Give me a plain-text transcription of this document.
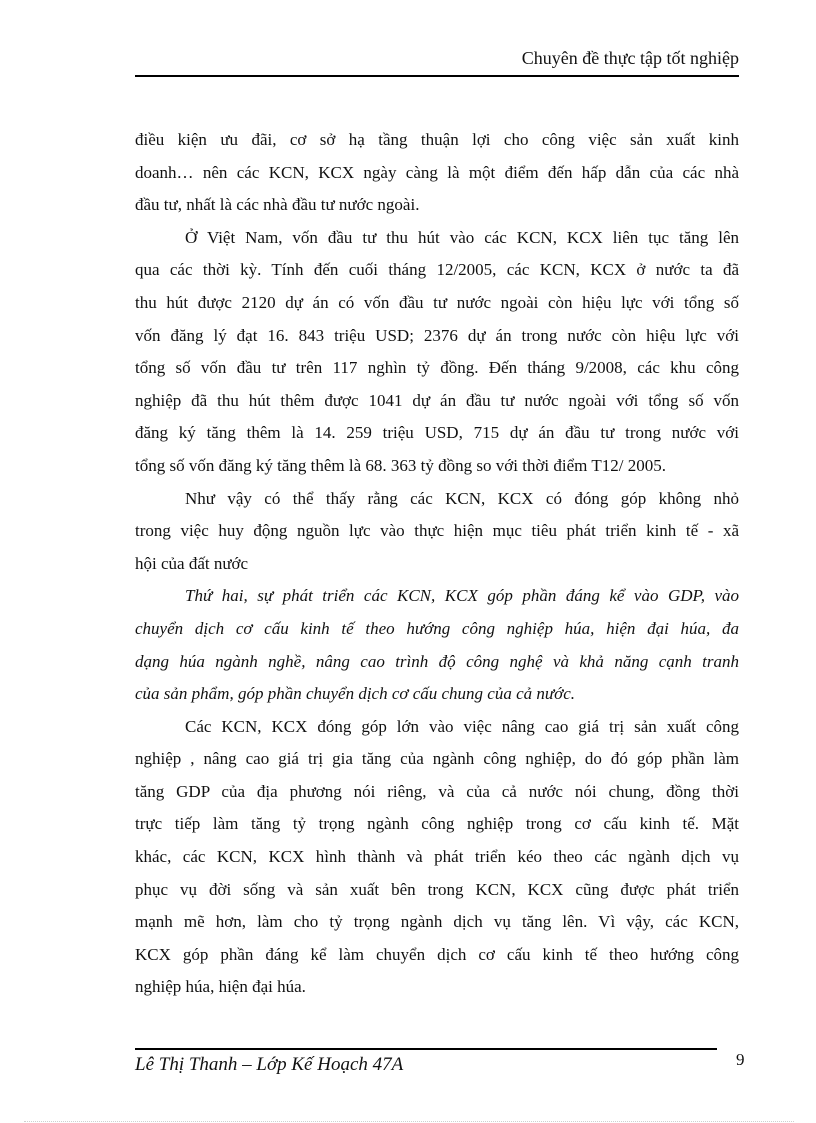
Chuyên đề thực tập tốt nghiệp
điều kiện ưu đãi, cơ sở hạ tầng thuận lợi cho công việc sản xuất kinh
doanh… nên các KCN, KCX ngày càng là một điểm đến hấp dẫn của các nhà
đầu tư, nhất là các nhà đầu tư nước ngoài.
Ở Việt Nam, vốn đầu tư thu hút vào các KCN, KCX liên tục tăng lên
qua các thời kỳ. Tính đến cuối tháng 12/2005, các KCN, KCX ở nước ta đã
thu hút được 2120 dự án có vốn đầu tư nước ngoài còn hiệu lực với tổng số
vốn đăng lý đạt 16. 843 triệu USD; 2376 dự án trong nước còn hiệu lực với
tổng số vốn đầu tư trên 117 nghìn tỷ đồng. Đến tháng 9/2008, các khu công
nghiệp đã thu hút thêm được 1041 dự án đầu tư nước ngoài với tổng số vốn
đăng ký tăng thêm là 14. 259 triệu USD, 715 dự án đầu tư trong nước với
tổng số vốn đăng ký tăng thêm là 68. 363 tỷ đồng so với thời điểm T12/ 2005.
Như vậy có thể thấy rằng các KCN, KCX có đóng góp không nhỏ
trong việc huy động nguồn lực vào thực hiện mục tiêu phát triển kinh tế - xã
hội của đất nước
Thứ hai, sự phát triển các KCN, KCX góp phần đáng kể vào GDP, vào
chuyển dịch cơ cấu kinh tế theo hướng công nghiệp húa, hiện đại húa, đa
dạng húa ngành nghề, nâng cao trình độ công nghệ và khả năng cạnh tranh
của sản phẩm, góp phần chuyển dịch cơ cấu chung của cả nước.
Các KCN, KCX đóng góp lớn vào việc nâng cao giá trị sản xuất công
nghiệp , nâng cao giá trị gia tăng của ngành công nghiệp, do đó góp phần làm
tăng GDP của địa phương nói riêng, và của cả nước nói chung, đồng thời
trực tiếp làm tăng tỷ trọng ngành công nghiệp trong cơ cấu kinh tế. Mặt
khác, các KCN, KCX hình thành và phát triển kéo theo các ngành dịch vụ
phục vụ đời sống và sản xuất bên trong KCN, KCX cũng được phát triển
mạnh mẽ hơn, làm cho tỷ trọng ngành dịch vụ tăng lên. Vì vậy, các KCN,
KCX góp phần đáng kể làm chuyển dịch cơ cấu kinh tế theo hướng công
nghiệp húa, hiện đại húa.
Lê Thị Thanh – Lớp Kế Hoạch 47A	9
